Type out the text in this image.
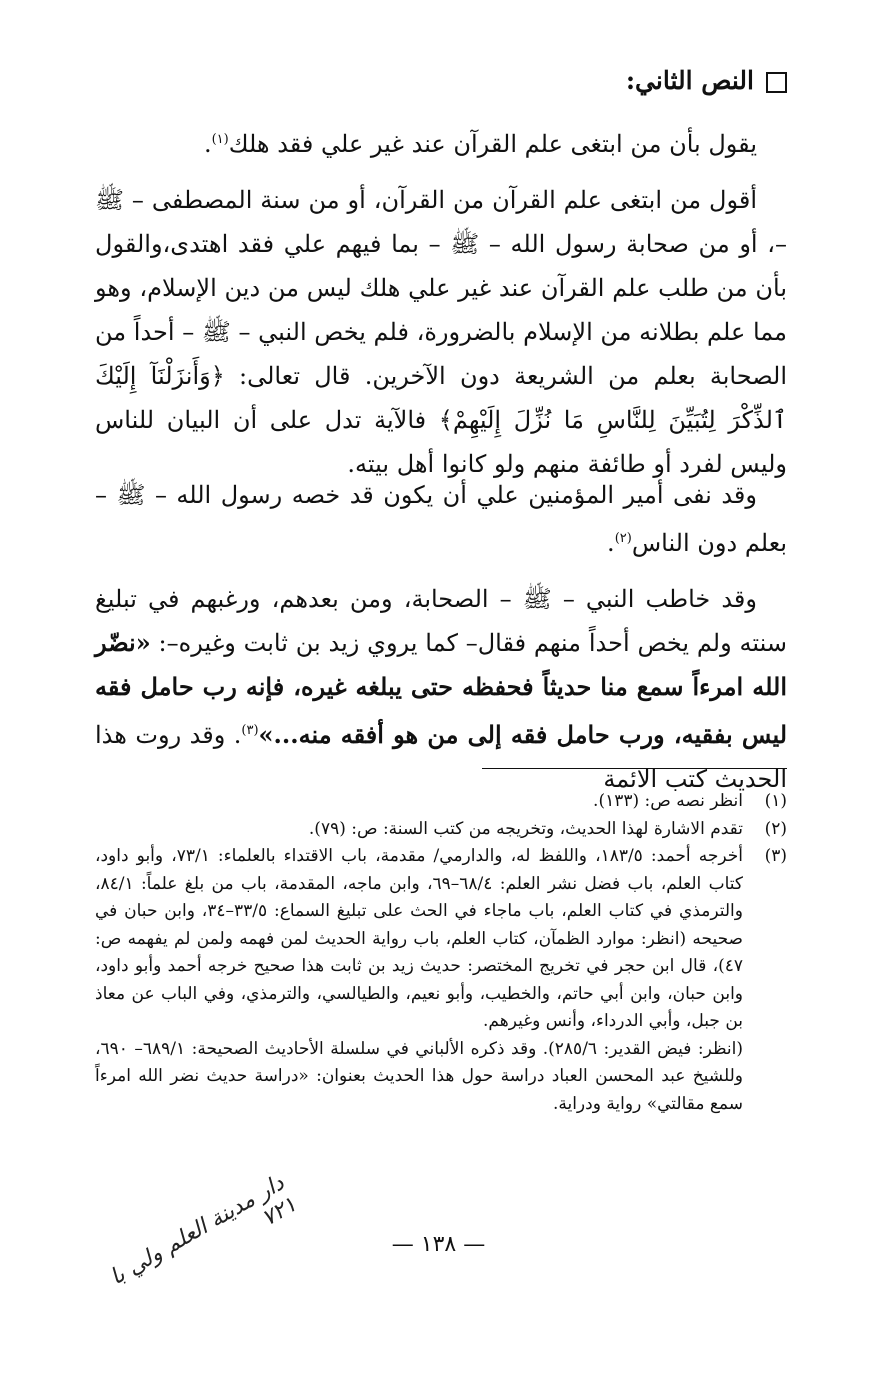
النص الثاني:
يقول بأن من ابتغى علم القرآن عند غير علي فقد هلك$^{(١)}$.
أقول من ابتغى علم القرآن من القرآن، أو من سنة المصطفى – ﷺ –، أو من صحابة رسول الله – ﷺ – بما فيهم علي فقد اهتدى،والقول بأن من طلب علم القرآن عند غير علي هلك ليس من دين الإسلام، وهو مما علم بطلانه من الإسلام بالضرورة، فلم يخص النبي – ﷺ – أحداً من الصحابة بعلم من الشريعة دون الآخرين. قال تعالى: ﴿وَأَنزَلْنَآ إِلَيْكَ ٱلذِّكْرَ لِتُبَيِّنَ لِلنَّاسِ مَا نُزِّلَ إِلَيْهِمْ﴾ فالآية تدل على أن البيان للناس وليس لفرد أو طائفة منهم ولو كانوا أهل بيته.
وقد نفى أمير المؤمنين علي أن يكون قد خصه رسول الله – ﷺ – بعلم دون الناس$^{(٢)}$.
وقد خاطب النبي – ﷺ – الصحابة، ومن بعدهم، ورغبهم في تبليغ سنته ولم يخص أحداً منهم فقال– كما يروي زيد بن ثابت وغيره–: «نضّر الله امرءاً سمع منا حديثاً فحفظه حتى يبلغه غيره، فإنه رب حامل فقه ليس بفقيه، ورب حامل فقه إلى من هو أفقه منه...»$^{(٣)}$. وقد روت هذا الحديث كتب الائمة
(١)
انظر نصه ص: (١٣٣).
(٢)
تقدم الاشارة لهذا الحديث، وتخريجه من كتب السنة: ص: (٧٩).
(٣)
أخرجه أحمد: ١٨٣/٥، واللفظ له، والدارمي/ مقدمة، باب الاقتداء بالعلماء: ٧٣/١، وأبو داود، كتاب العلم، باب فضل نشر العلم: ٦٨/٤–٦٩، وابن ماجه، المقدمة، باب من بلغ علماً: ٨٤/١، والترمذي في كتاب العلم، باب ماجاء في الحث على تبليغ السماع: ٣٣/٥–٣٤، وابن حبان في صحيحه (انظر: موارد الظمآن، كتاب العلم، باب رواية الحديث لمن فهمه ولمن لم يفهمه ص: ٤٧)، قال ابن حجر في تخريج المختصر: حديث زيد بن ثابت هذا صحيح خرجه أحمد وأبو داود، وابن حبان، وابن أبي حاتم، والخطيب، وأبو نعيم، والطيالسي، والترمذي، وفي الباب عن معاذ بن جبل، وأبي الدرداء، وأنس وغيرهم.
(انظر: فيض القدير: ٢٨٥/٦). وقد ذكره الألباني في سلسلة الأحاديث الصحيحة: ٦٨٩/١– ٦٩٠، وللشيخ عبد المحسن العباد دراسة حول هذا الحديث بعنوان: «دراسة حديث نضر الله امرءاً سمع مقالتي» رواية ودراية.
— ١٣٨ —
دار مدينة العلم ولي با ٧٢١
